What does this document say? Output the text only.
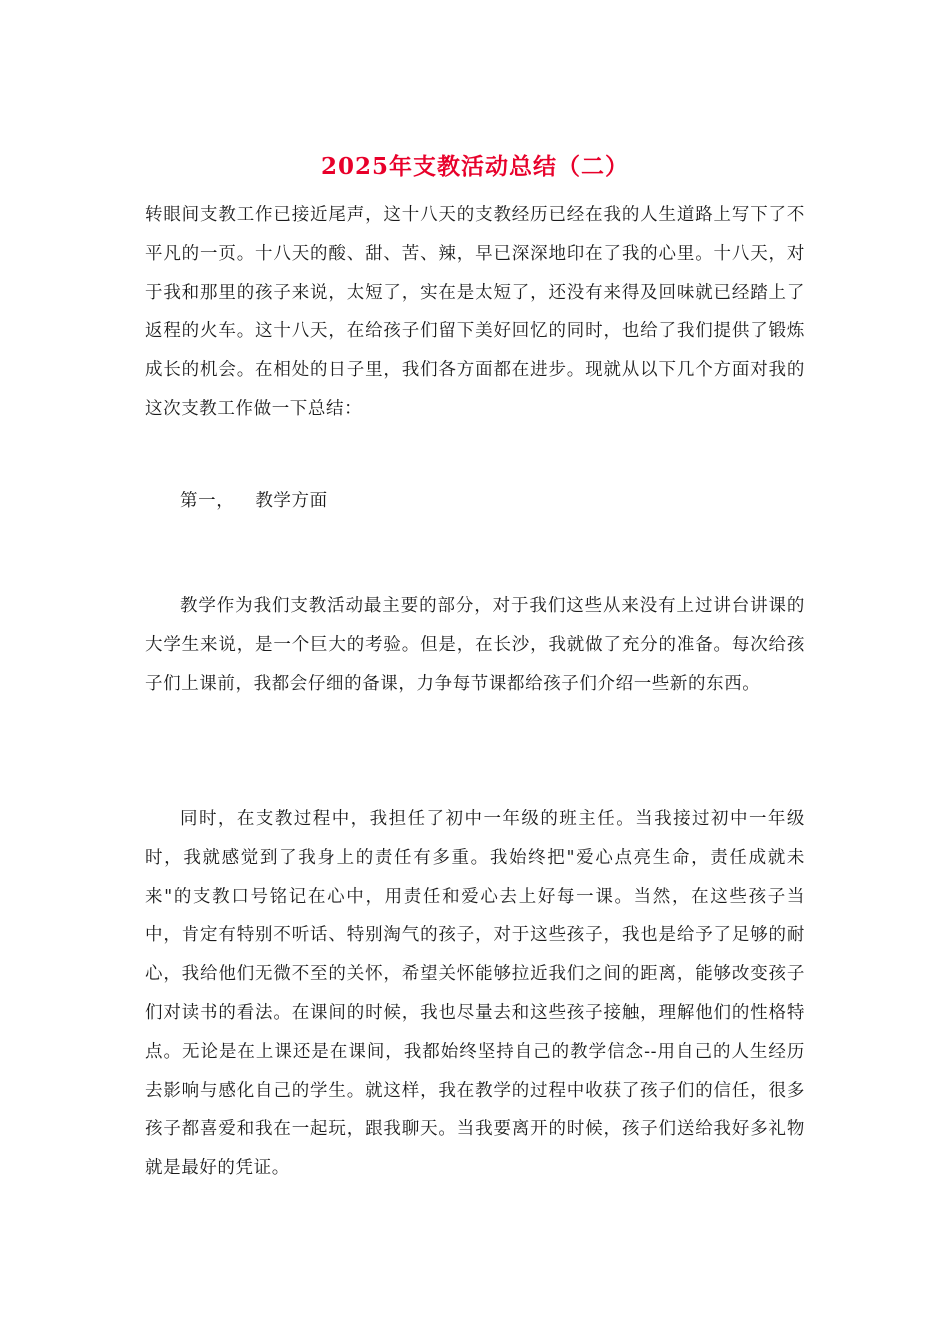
2025年支教活动总结（二）

转眼间支教工作已接近尾声，这十八天的支教经历已经在我的人生道路上写下了不平凡的一页。十八天的酸、甜、苦、辣，早已深深地印在了我的心里。十八天，对于我和那里的孩子来说，太短了，实在是太短了，还没有来得及回味就已经踏上了返程的火车。这十八天，在给孩子们留下美好回忆的同时，也给了我们提供了锻炼成长的机会。在相处的日子里，我们各方面都在进步。现就从以下几个方面对我的这次支教工作做一下总结：

第一， 教学方面

教学作为我们支教活动最主要的部分，对于我们这些从来没有上过讲台讲课的大学生来说，是一个巨大的考验。但是，在长沙，我就做了充分的准备。每次给孩子们上课前，我都会仔细的备课，力争每节课都给孩子们介绍一些新的东西。

同时，在支教过程中，我担任了初中一年级的班主任。当我接过初中一年级时，我就感觉到了我身上的责任有多重。我始终把"爱心点亮生命，责任成就未来"的支教口号铭记在心中，用责任和爱心去上好每一课。当然，在这些孩子当中，肯定有特别不听话、特别淘气的孩子，对于这些孩子，我也是给予了足够的耐心，我给他们无微不至的关怀，希望关怀能够拉近我们之间的距离，能够改变孩子们对读书的看法。在课间的时候，我也尽量去和这些孩子接触，理解他们的性格特点。无论是在上课还是在课间，我都始终坚持自己的教学信念--用自己的人生经历去影响与感化自己的学生。就这样，我在教学的过程中收获了孩子们的信任，很多孩子都喜爱和我在一起玩，跟我聊天。当我要离开的时候，孩子们送给我好多礼物就是最好的凭证。
